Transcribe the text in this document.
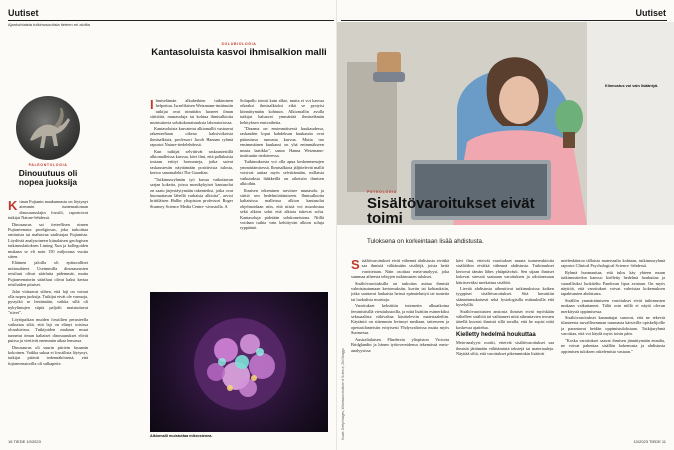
Uutiset
Ajankohtaista tutkimusuutisia tieteen eri aloilta
PALEONTOLOGIA
Dinouutuus oli nopea juoksija

Kiinan Fujianin maakunnasta on löytynyt aiemmin tuntemattoman dinosauruslajin fossiili, raportoivat tutkijat Nature-lehdessä.

Dinosaurus sai tieteellisen nimen Fujianvenator prodigiosus, joka tarkoittaa omituista tai mahtavaa saalistajaa Fujianista. Löydöstä analysoineen kiinalaisen geologisen tutkimuslaitoksen Liming Xun ja kollegoiden mukaan se eli noin 150 miljoonaa vuotta sitten.

Eläimen jaloilla oli epätavalliset mittasuhteet. Useimmilla dinosaurusten reisiluut olivat säärluita pidemmät, mutta Fujianvenatorin sääriluut olivat kaksi kertaa reisiluiden pituiset.

Jalat viittaavat siihen, että laji on voinut olla nopea juoksija. Tutkijat eivät ole varmoja, pystyikö se lentämään, vaikka sillä oli nykylintujen siipiä paljolti muistuttavat "siivet".

Löytöpaikan muiden fossiilien perusteella vaikuttaa siltä, että laji on elänyt soisissa olosuhteissa. Tutkijoiden mukaan muut tunnetut ömun kaltaiset dinosaurukset elivät puissa ja viettivät enemmän aikaa lensassa.

Dinosaurus oli suurin piirtein fasaanin kokoinen. Vaikka sukua ei fossiilista löytynyt, tutkijat pitävät todennäköisenä, että fujianvenatorilla oli sulkapeite.

SOLUBIOLOGIA
Kantasoluista kasvoi ihmisalkion malli

Ihmiselämän alkuhetkien tutkiminen helpottuu. Israelilaisen Weizmann-instituutin tutkijat ovat nimittäin luoneet ilman siittiöitä, munasolujа tai kohtua ihmisalkioita muistuttavia solukokonaisuuksia laboratoriossa.

Kantasoluista kasvatetut alkiomallit vastaavat rakenteeltaan oikeaa kaksiviikoista ihmisalkiota, professori Jacob Hannan ryhmä raportoi Nature-tiedelehdessä.

Kun tutkijat selvittivät raskaustestillä alkiomalleissa kasvua, kävi ilmi, että palluksista tosiaan erittyi hormoneja, jotka saivat raskaustestin näyttämään positiivista tulosta, kertoo sanomalehti The Guardian.

"Tutkimusryhmän työ kuvaa vaikuttavan sarjan kokeita, joissa monikykyiset kantasolut on saatu järjestäytymään rakenteiksi, jotka ovat huomattavan lähellä varhaisia alkioita", arvioi brittiläisen Hullin yliopiston professori Roger Sturmey Science Media Centre -sivustolla. A

Solupallo toimii kuin alkio, mutta ei voi kasvaa oikeaksi ihmisalkioksi eikä se pystyisi kiinnittymään kohtuun. Alkiomallin avulla tutkijat haluavat ymmärtää ihmiselämän kehityksen ensivaiheita.

"Draama on ensimmäisessä kuukaudessa, raskauden loput kahdeksan kuukautta ovat pääasiassa runsasta kasvua. Mutta tuo ensimmäinen kuukausi on yhä enimmäkseen musta laatikko", sanoo Hanna Weizmann-instituutin tiedotteessa.

Tutkimuksesta voi olla apua keskenmenojen ymmärtämisessä. Ihmisalkiota jäljittelevät mallit voisivat auttaa myös selvittämään, millaisia vaikutuksia lääkkeillä on oikeisiin ihmisen alkioihin.

Ihmisen tekeminen tarvitsee munasolu ja siittiö sen hedelmöittämiseen. Ihmisalkioita kaltaisissa malleissa alkion kantasolut ohjelmoidaan niin, että niistä voi muodostua sekä alkion solut että alkiota tukevat solut. Kantasoluja pidetään solukoneistona. Niillä voidaan tutkia vain kehittyvän alkion soluja ryppäänä.

Alkiomalli muistuttaa mikrosienea.
16 TIEDE 10/2023
Uutiset
Kiinnostus voi vain lisääntyä.
PSYKOLOGIA
Sisältövaroitukset eivät toimi
Tuloksena on korkeintaan lisää ahdistusta.
Kuvat: Getty Images, Weizmann Institute of Science, Zhi Ganggu

Sisältövaroitukset eivät vähennä ahdistusta eivätkä saa ihmisiä välttämään sisältöjä, joista heitä varoitetaan. Näin osoittaa meta-analyysi, joka summaa aiheesta tehtyjen tutkimusten tulokset.

Sisältövaroituksilla on tarkoitus auttaa ihmisiä valmistautumaan kertomuksiin, kuviin tai kohtauksiin, jotka saattavat laukaista heissä epämieluttyä tai tunteita tai luokalisia muistoja.

Varoitukset keksittiin internetin alkuaikoina feministisillä viestiulustoilla, ja niitä lisättiin esimerkiksi seksuaalista väkivaltaa käsitteleviin materiaaleihin. Käytäntö on sittemmin levinnyt mediaan, taiteeseen ja opetustilanteisiin erityisesti Yhdysvaltoissa mutta myös Suomessa.

Australialaisen Flindersin yliopiston Victoria Bridglandin ja hänen työtovereidensa tekemässä meta-analyysissa

kävi ilmi, etteivät varoitukset muuta tunnereaktioita sisältöihin eivätkä vähennä ahdistusta. Tutkimukset kertovat tämän lähes yhtäpitävästi. Sen sijaan ihmiset kokevat stressiä saatuaan varoituksen ja odottaessaan häiritseväksi merkattua sisältöä.

Lievää ahdistusta aiheuttivat tutkimuksissa kaiken tyyppiset sisältövaroitukset. Sitä havaittiin säännönmukaisesti sekä fysiologisilla mittauksilla että kyselyillä.

Sisältövaroitusten ansiosta ihmiset eivät myöskään vältelleet sisältöä tai vaihtaneet niitä aiheuttavien teosten äärellä kuvaisi ihmisiä sillä tavalla, että he sopisi niitä koskevaa ajattelua.

Kielletty hedelmä houkuttaa

Meta-analyysi osoitti, etteivät sisältövaroitukset saa ihmisiä jättämään välittämästä tekstejä tai materiaaleja. Näyttää siltä, että varoitukset pikemminkin lisäävät

mielenkiintoa tällaista materiaalia kohtaan, tutkimusryhmä raportoi Clinical Psychological Science -lehdessä.

Ryhmä huomauttaa, että tulos käy yhteen muun tutkimustiedon kanssa: kielletty hedelmä houkuttaa ja vaarallisiksi luokiteltu Pandoran lipas avataan. On myös näyttöä, että varoitukset voivat vahvistaa kokemuksen tapahtumien ahdistusta.

Sisällön ymmärtämiseen varoitukset eivät tutkimusten mukaan vaikuttaneet. Tältä osin niillä ei näytä olevan merkitystä oppimisessa.

Sisältövaroitukset kannattajat sanovat, että ne tekevät tilanteesta turvallisemman traumasta kärsiville opiskelijoille ja parantavat heidän oppimistuloksiaan. Tutkijaryhmä varoittaa, että voi käydä myös toisin päin.

"Koska varoitukset saavat ihmisen jännittymään ennalta, ne voivat pahentaa sisällön kokemusta ja ahdistusta oppimisen tuloksen oskelemista vastaan."

10/2023 TIEDE 11
